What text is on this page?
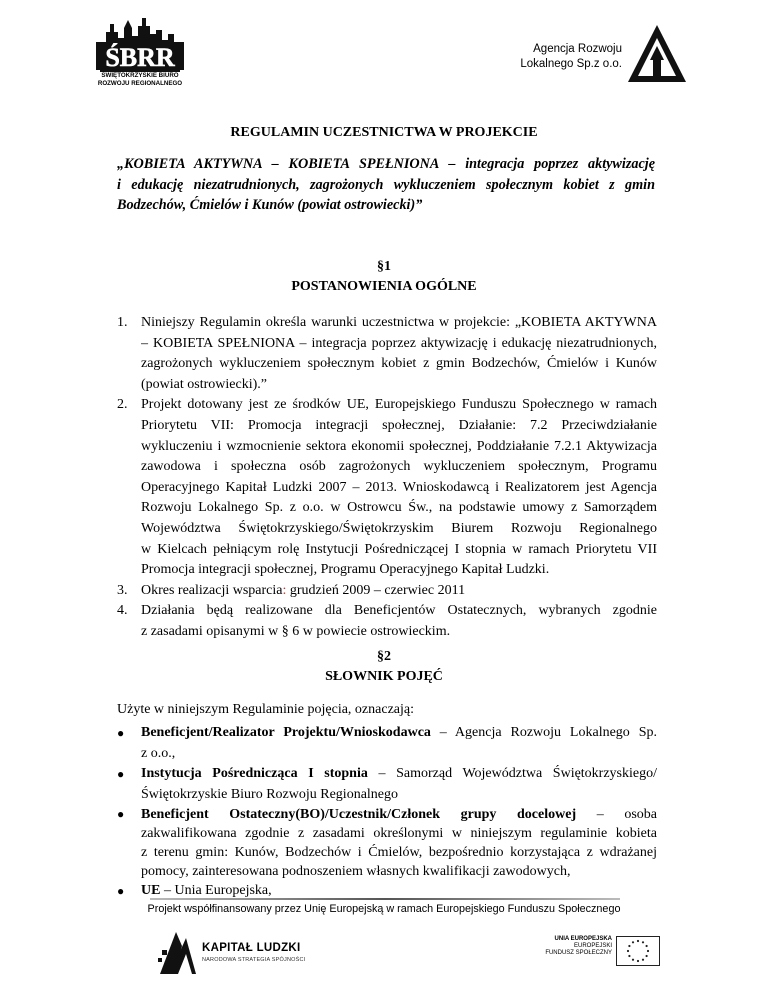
ŚBRR
ŚWIĘTOKRZYSKIE BIURO
ROZWOJU REGIONALNEGO
Agencja Rozwoju
Lokalnego Sp.z o.o.
REGULAMIN UCZESTNICTWA W PROJEKCIE
„KOBIETA AKTYWNA – KOBIETA SPEŁNIONA – integracja poprzez aktywizację
i edukację niezatrudnionych, zagrożonych wykluczeniem społecznym kobiet z gmin
Bodzechów, Ćmielów i Kunów (powiat ostrowiecki)”
§1
POSTANOWIENIA OGÓLNE
1. Niniejszy Regulamin określa warunki uczestnictwa w projekcie: „KOBIETA AKTYWNA
– KOBIETA SPEŁNIONA – integracja poprzez aktywizację i edukację niezatrudnionych,
zagrożonych wykluczeniem społecznym kobiet z gmin Bodzechów, Ćmielów i Kunów
(powiat ostrowiecki).”
2. Projekt dotowany jest ze środków UE, Europejskiego Funduszu Społecznego w ramach
Priorytetu VII: Promocja integracji społecznej, Działanie: 7.2 Przeciwdziałanie
wykluczeniu i wzmocnienie sektora ekonomii społecznej, Poddziałanie 7.2.1 Aktywizacja
zawodowa i społeczna osób zagrożonych wykluczeniem społecznym, Programu
Operacyjnego Kapitał Ludzki 2007 – 2013. Wnioskodawcą i Realizatorem jest Agencja
Rozwoju Lokalnego Sp. z o.o. w Ostrowcu Św., na podstawie umowy z Samorządem
Województwa Świętokrzyskiego/Świętokrzyskim Biurem Rozwoju Regionalnego
w Kielcach pełniącym rolę Instytucji Pośredniczącej I stopnia w ramach Priorytetu VII
Promocja integracji społecznej, Programu Operacyjnego Kapitał Ludzki.
3. Okres realizacji wsparcia: grudzień 2009 – czerwiec 2011
4. Działania będą realizowane dla Beneficjentów Ostatecznych, wybranych zgodnie
z zasadami opisanymi w § 6 w powiecie ostrowieckim.
§2
SŁOWNIK POJĘĆ
Użyte w niniejszym Regulaminie pojęcia, oznaczają:
● Beneficjent/Realizator Projektu/Wnioskodawca – Agencja Rozwoju Lokalnego Sp.
z o.o.,
● Instytucja Pośrednicząca I stopnia – Samorząd Województwa Świętokrzyskiego/
Świętokrzyskie Biuro Rozwoju Regionalnego
● Beneficjent Ostateczny(BO)/Uczestnik/Członek grupy docelowej – osoba
zakwalifikowana zgodnie z zasadami określonymi w niniejszym regulaminie kobieta
z terenu gmin: Kunów, Bodzechów i Ćmielów, bezpośrednio korzystająca z wdrażanej
pomocy, zainteresowana podnoszeniem własnych kwalifikacji zawodowych,
● UE – Unia Europejska,
Projekt współfinansowany przez Unię Europejską w ramach Europejskiego Funduszu Społecznego
KAPITAŁ LUDZKI
NARODOWA STRATEGIA SPÓJNOŚCI
UNIA EUROPEJSKA
EUROPEJSKI
FUNDUSZ SPOŁECZNY
